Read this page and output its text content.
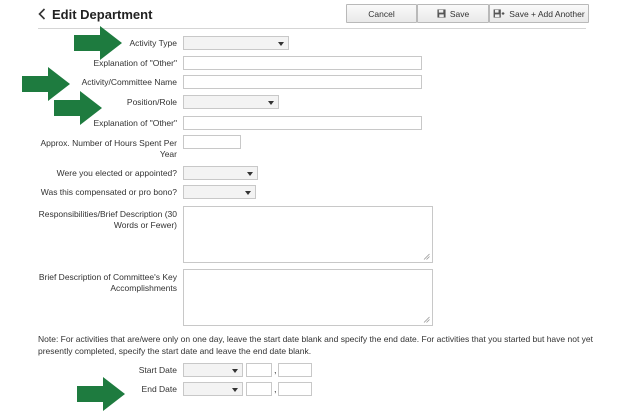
Edit Department	Cancel	Save	Save + Add Another
Activity Type
Explanation of "Other"
Activity/Committee Name
Position/Role
Explanation of "Other"
Approx. Number of Hours Spent Per
Year
Were you elected or appointed?
Was this compensated or pro bono?
Responsibilities/Brief Description (30
Words or Fewer)
Brief Description of Committee's Key
Accomplishments
Note: For activities that are/were only on one day, leave the start date blank and specify the end date. For activities that you started but have not yet presently completed, specify the start date and leave the end date blank.
Start Date	,
End Date	,
